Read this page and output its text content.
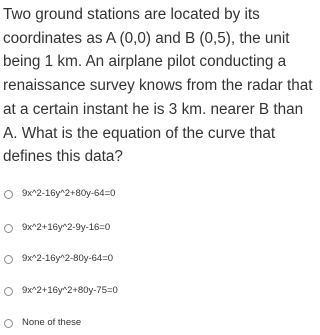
Two ground stations are located by its
coordinates as A (0,0) and B (0,5), the unit
being 1 km. An airplane pilot conducting a
renaissance survey knows from the radar that
at a certain instant he is 3 km. nearer B than
A. What is the equation of the curve that
defines this data?
9x^2-16y^2+80y-64=0
9x^2+16y^2-9y-16=0
9x^2-16y^2-80y-64=0
9x^2+16y^2+80y-75=0
None of these
